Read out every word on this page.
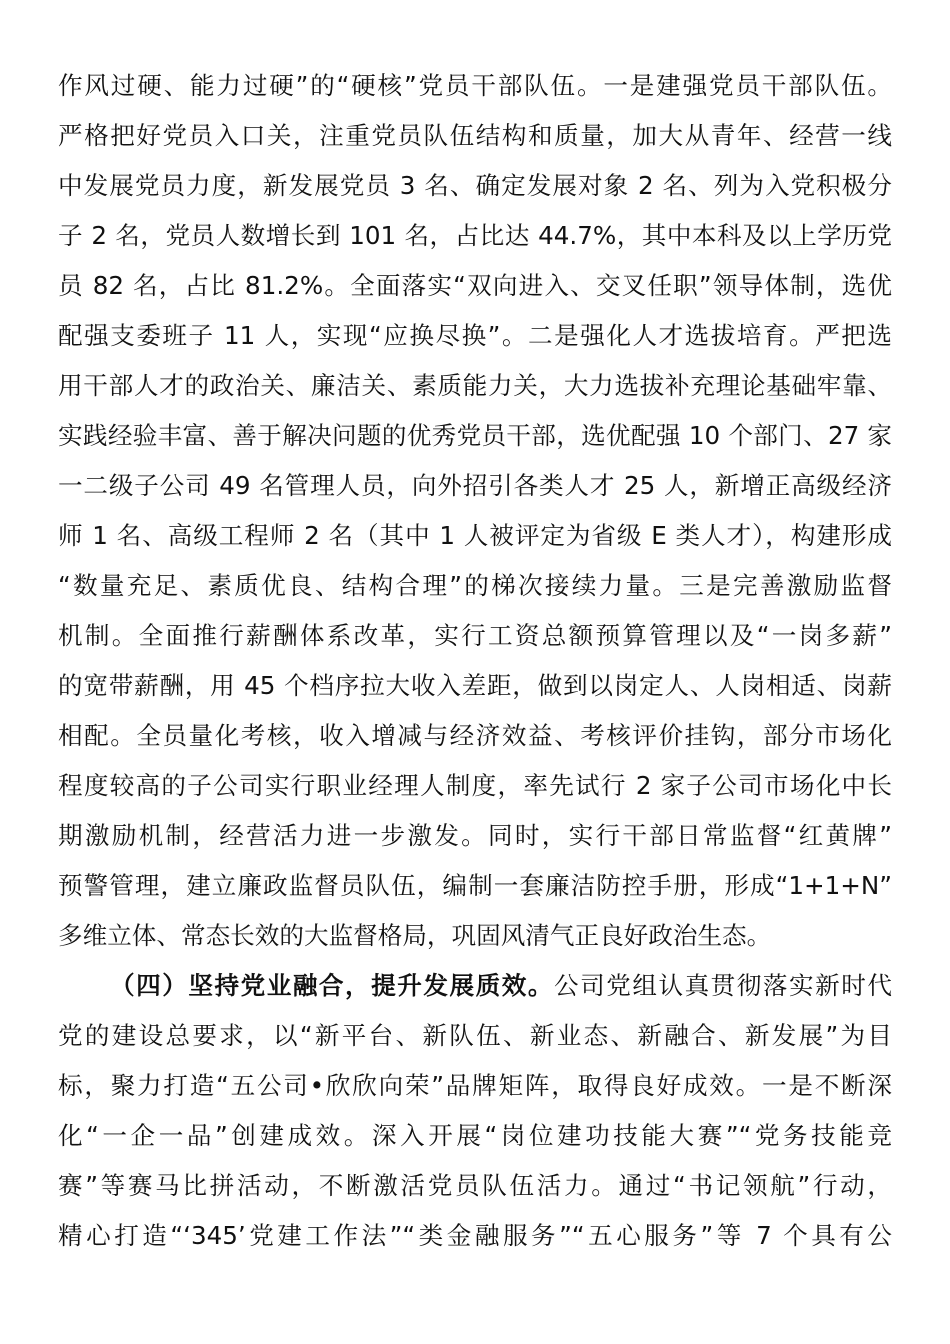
作风过硬、能力过硬”的“硬核”党员干部队伍。一是建强党员干部队伍。
严格把好党员入口关，注重党员队伍结构和质量，加大从青年、经营一线
中发展党员力度，新发展党员 3 名、确定发展对象 2 名、列为入党积极分
子 2 名，党员人数增长到 101 名，占比达 44.7%，其中本科及以上学历党
员 82 名，占比 81.2%。全面落实“双向进入、交叉任职”领导体制，选优
配强支委班子 11 人，实现“应换尽换”。二是强化人才选拔培育。严把选
用干部人才的政治关、廉洁关、素质能力关，大力选拔补充理论基础牢靠、
实践经验丰富、善于解决问题的优秀党员干部，选优配强 10 个部门、27 家
一二级子公司 49 名管理人员，向外招引各类人才 25 人，新增正高级经济
师 1 名、高级工程师 2 名（其中 1 人被评定为省级 E 类人才），构建形成
“数量充足、素质优良、结构合理”的梯次接续力量。三是完善激励监督
机制。全面推行薪酬体系改革，实行工资总额预算管理以及“一岗多薪”
的宽带薪酬，用 45 个档序拉大收入差距，做到以岗定人、人岗相适、岗薪
相配。全员量化考核，收入增减与经济效益、考核评价挂钩，部分市场化
程度较高的子公司实行职业经理人制度，率先试行 2 家子公司市场化中长
期激励机制，经营活力进一步激发。同时，实行干部日常监督“红黄牌”
预警管理，建立廉政监督员队伍，编制一套廉洁防控手册，形成“1+1+N”
多维立体、常态长效的大监督格局，巩固风清气正良好政治生态。
（四）坚持党业融合，提升发展质效。公司党组认真贯彻落实新时代
党的建设总要求，以“新平台、新队伍、新业态、新融合、新发展”为目
标，聚力打造“五公司•欣欣向荣”品牌矩阵，取得良好成效。一是不断深
化“一企一品”创建成效。深入开展“岗位建功技能大赛”“党务技能竞
赛”等赛马比拼活动，不断激活党员队伍活力。通过“书记领航”行动，
精心打造“‘345’党建工作法”“类金融服务”“五心服务”等 7 个具有公
